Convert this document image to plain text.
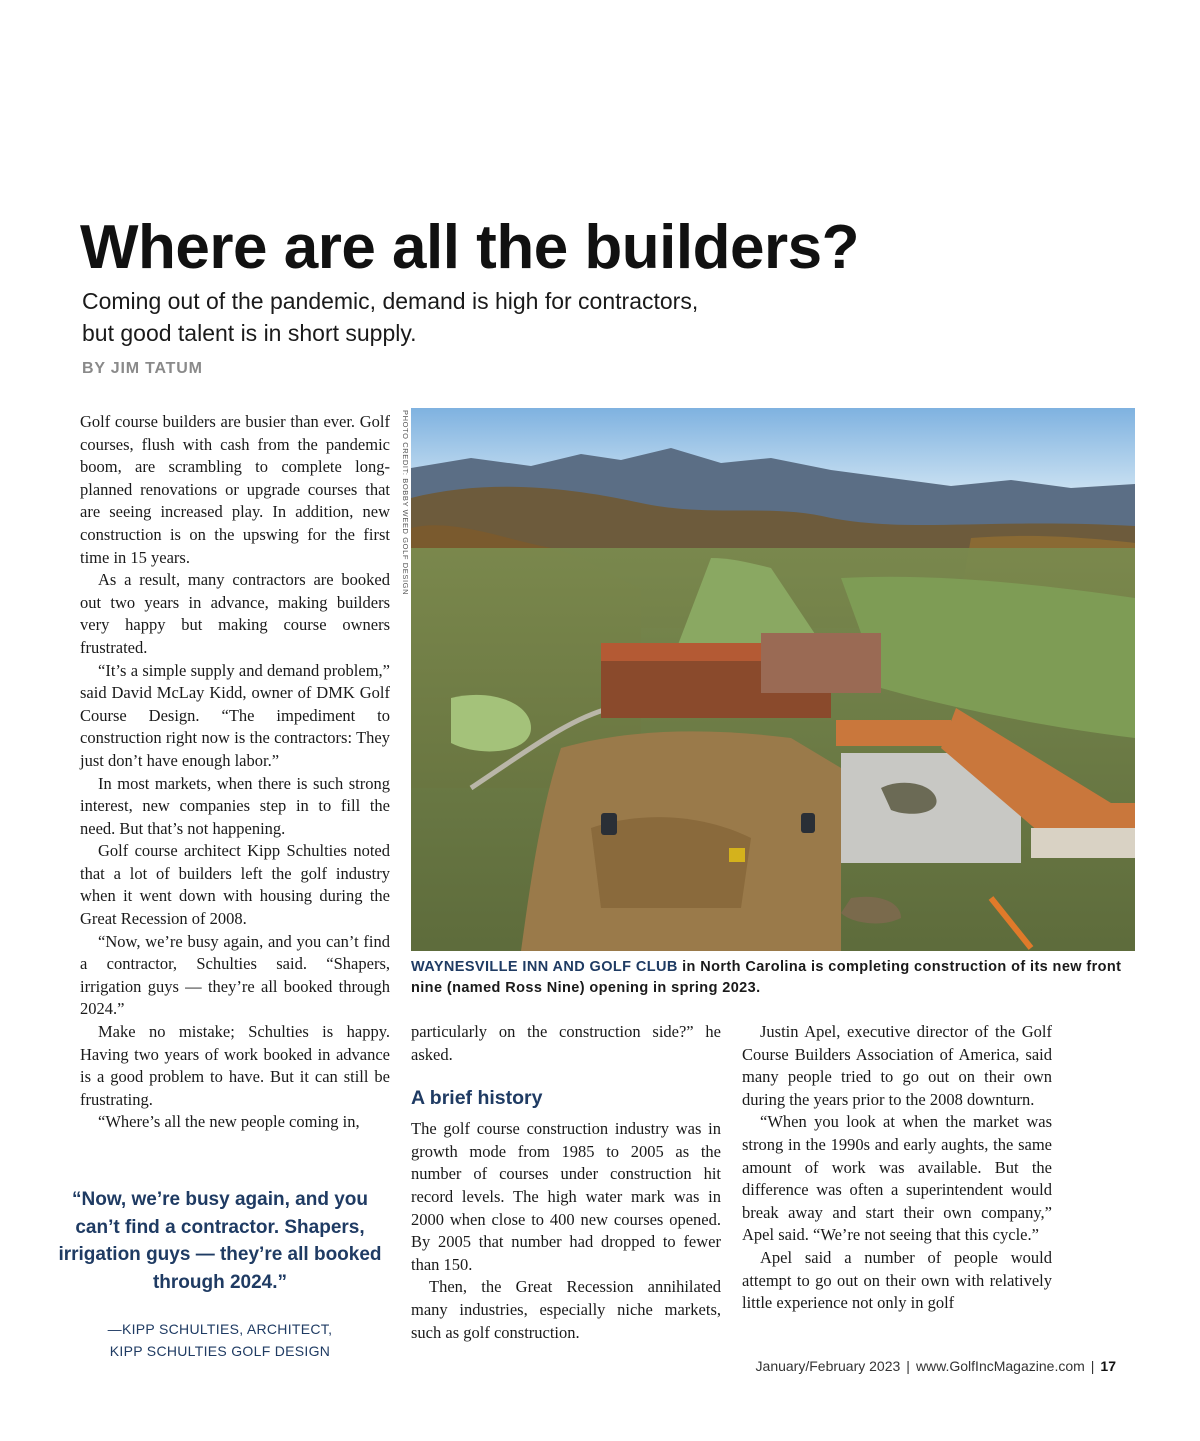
Where are all the builders?
Coming out of the pandemic, demand is high for contractors,
but good talent is in short supply.
BY JIM TATUM

Golf course builders are busier than ever. Golf courses, flush with cash from the pandemic boom, are scrambling to complete long-planned renovations or upgrade courses that are seeing increased play. In addition, new construction is on the upswing for the first time in 15 years.

As a result, many contractors are booked out two years in advance, making builders very happy but making course owners frustrated.

“It’s a simple supply and demand problem,” said David McLay Kidd, owner of DMK Golf Course Design. “The impediment to construction right now is the contractors: They just don’t have enough labor.”

In most markets, when there is such strong interest, new companies step in to fill the need. But that’s not happening.

Golf course architect Kipp Schulties noted that a lot of builders left the golf industry when it went down with housing during the Great Recession of 2008.

“Now, we’re busy again, and you can’t find a contractor, Schulties said. “Shapers, irrigation guys — they’re all booked through 2024.”

Make no mistake; Schulties is happy. Having two years of work booked in advance is a good problem to have. But it can still be frustrating.

“Where’s all the new people coming in,

PHOTO CREDIT: BOBBY WEED GOLF DESIGN
WAYNESVILLE INN AND GOLF CLUB in North Carolina is completing construction of its new front nine (named Ross Nine) opening in spring 2023.

particularly on the construction side?” he asked.

A brief history

The golf course construction industry was in growth mode from 1985 to 2005 as the number of courses under construction hit record levels. The high water mark was in 2000 when close to 400 new courses opened. By 2005 that number had dropped to fewer than 150.

Then, the Great Recession annihilated many industries, especially niche markets, such as golf construction.

Justin Apel, executive director of the Golf Course Builders Association of America, said many people tried to go out on their own during the years prior to the 2008 downturn.

“When you look at when the market was strong in the 1990s and early aughts, the same amount of work was available. But the difference was often a superintendent would break away and start their own company,” Apel said. “We’re not seeing that this cycle.”

Apel said a number of people would attempt to go out on their own with relatively little experience not only in golf

“Now, we’re busy again, and you can’t find a contractor. Shapers, irrigation guys — they’re all booked through 2024.”
—KIPP SCHULTIES, ARCHITECT,
KIPP SCHULTIES GOLF DESIGN
January/February 2023 | www.GolfIncMagazine.com | 17
